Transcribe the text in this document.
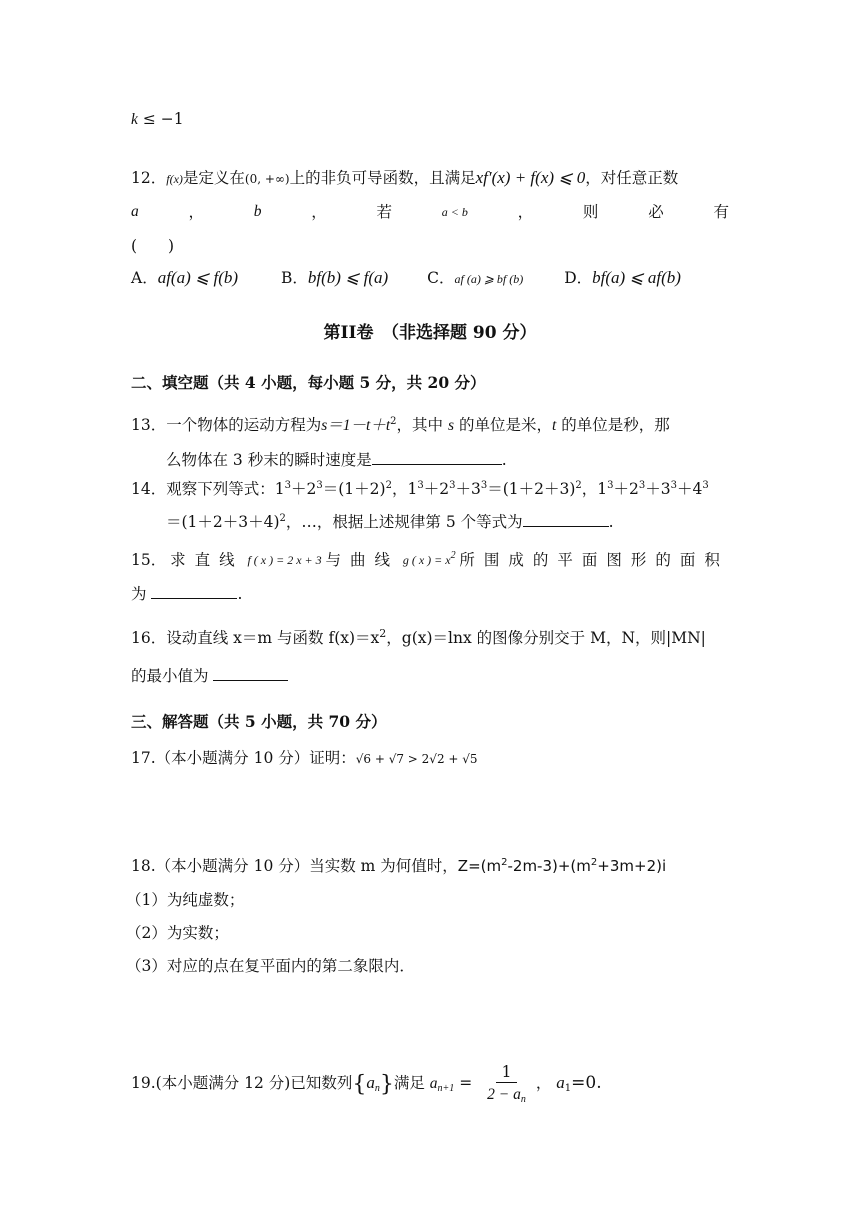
k ≤ −1
12．f(x)是定义在(0, +∞)上的非负可导函数，且满足xf′(x) + f(x) ⩽ 0，对任意正数
a	，	b	，	若	a < b	，	则	必	有
(　　)
A．af(a) ⩽ f(b)	B．bf(b) ⩽ f(a)	C．af (a) ⩾ bf (b)	D．bf(a) ⩽ af(b)
第II卷　（非选择题 90 分）
二、填空题（共 4 小题，每小题 5 分，共 20 分）
13．一个物体的运动方程为$s=1-t+t^2$，其中 s 的单位是米，t 的单位是秒，那
么物体在 3 秒末的瞬时速度是	.
14．观察下列等式：$1^3+2^3=(1+2)^2$，$1^3+2^3+3^3=(1+2+3)^2$，$1^3+2^3+3^3+4^3$
$=(1+2+3+4)^2$，…，根据上述规律第 5 个等式为	.
15． 求直线 f ( x ) = 2 x + 3 与曲线 g ( x ) = $x^2$ 所围成的平面图形的面积
为	.
16．设动直线 x＝m 与函数 $f(x)=x^2$，g(x)＝lnx 的图像分别交于 M，N，则|MN|
的最小值为
三、解答题（共 5 小题，共 70 分）
17.（本小题满分 10 分）证明：√6 + √7 > 2√2 + √5
18.（本小题满分 10 分）当实数 m 为何值时，$Z=(m^2-2m-3)+(m^2+3m+2)i$
（1）为纯虚数；
（2）为实数；
（3）对应的点在复平面内的第二象限内．
19.(本小题满分 12 分)已知数列$\{a_n\}$满足 $a_{n+1} = \frac{1}{2 - a_n}$ ， $a_1=0$.
